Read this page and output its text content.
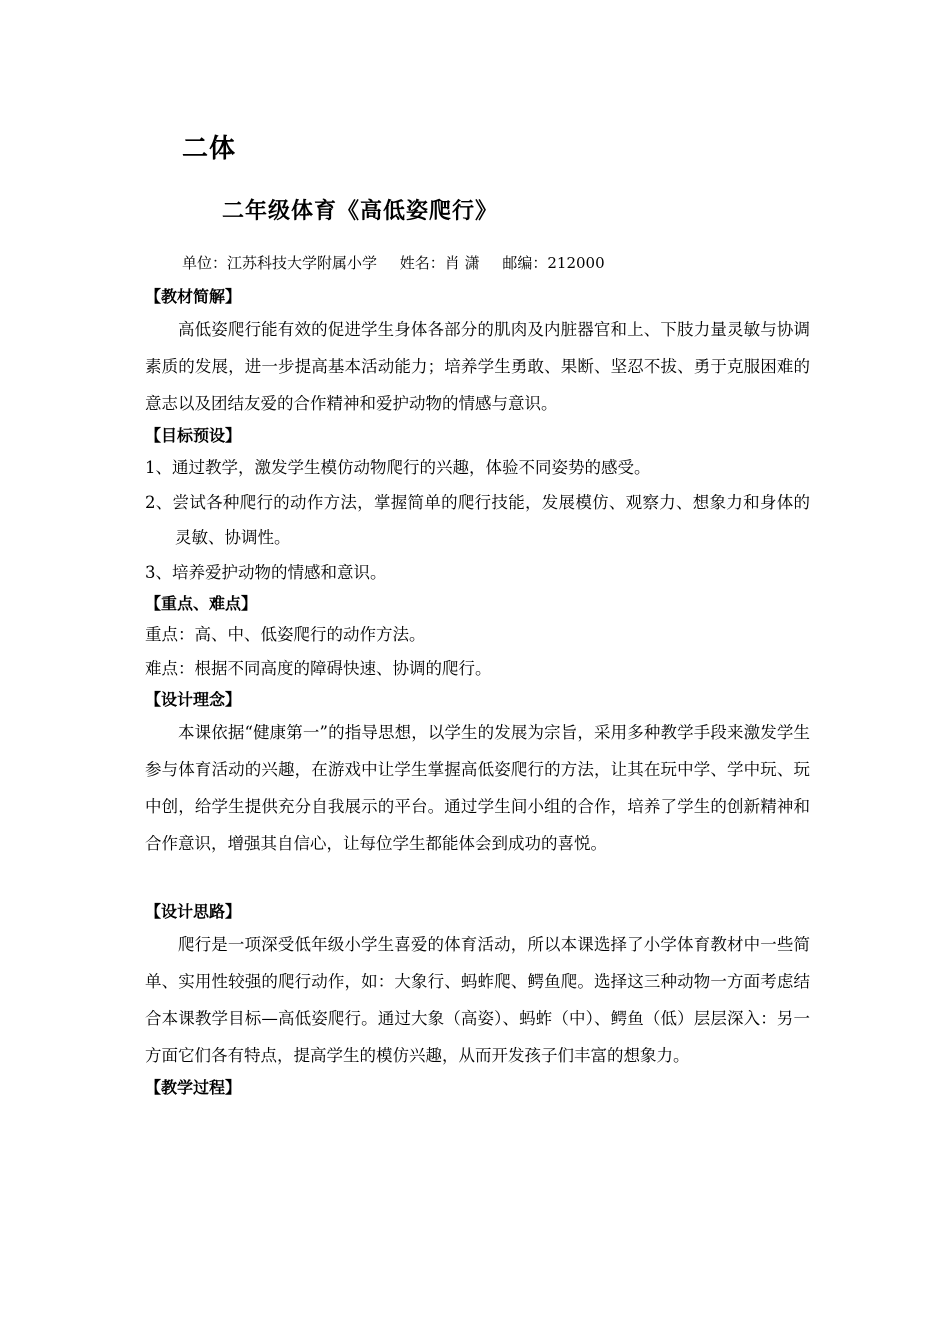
二体
二年级体育《高低姿爬行》
单位：江苏科技大学附属小学 姓名：肖 潇 邮编：212000

【教材简解】

高低姿爬行能有效的促进学生身体各部分的肌肉及内脏器官和上、下肢力量灵敏与协调素质的发展，进一步提高基本活动能力；培养学生勇敢、果断、坚忍不拔、勇于克服困难的意志以及团结友爱的合作精神和爱护动物的情感与意识。

【目标预设】

1、通过教学，激发学生模仿动物爬行的兴趣，体验不同姿势的感受。

2、尝试各种爬行的动作方法，掌握简单的爬行技能，发展模仿、观察力、想象力和身体的灵敏、协调性。

3、培养爱护动物的情感和意识。

【重点、难点】

重点：高、中、低姿爬行的动作方法。

难点：根据不同高度的障碍快速、协调的爬行。

【设计理念】

本课依据“健康第一”的指导思想，以学生的发展为宗旨，采用多种教学手段来激发学生参与体育活动的兴趣，在游戏中让学生掌握高低姿爬行的方法，让其在玩中学、学中玩、玩中创，给学生提供充分自我展示的平台。通过学生间小组的合作，培养了学生的创新精神和合作意识，增强其自信心，让每位学生都能体会到成功的喜悦。

【设计思路】

爬行是一项深受低年级小学生喜爱的体育活动，所以本课选择了小学体育教材中一些简单、实用性较强的爬行动作，如：大象行、蚂蚱爬、鳄鱼爬。选择这三种动物一方面考虑结合本课教学目标—高低姿爬行。通过大象（高姿）、蚂蚱（中）、鳄鱼（低）层层深入：另一方面它们各有特点，提高学生的模仿兴趣，从而开发孩子们丰富的想象力。

【教学过程】
